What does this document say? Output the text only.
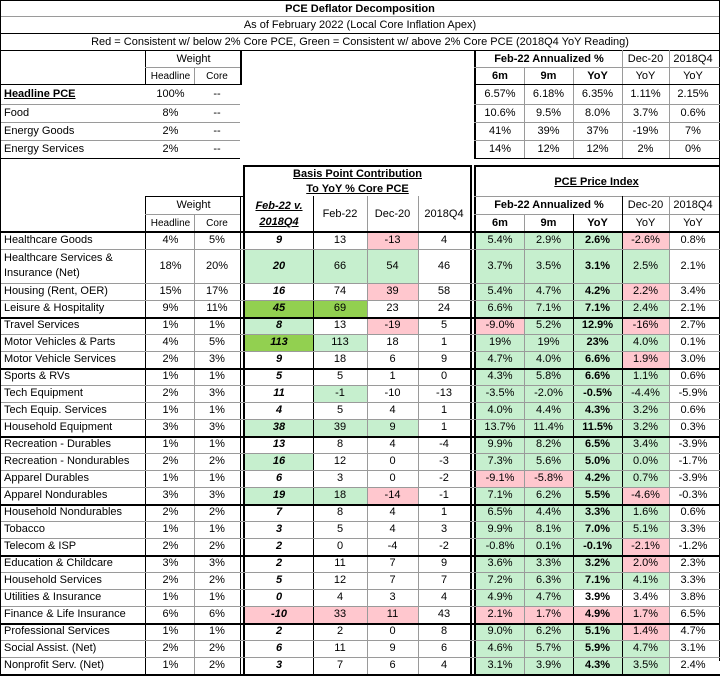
PCE Deflator Decomposition
As of February 2022 (Local Core Inflation Apex)
Red = Consistent w/ below 2% Core PCE, Green = Consistent w/ above 2% Core PCE (2018Q4 YoY Reading)
Weight
Headline	Core
Feb-22 Annualized %	Dec-20 2018Q4
6m	9m	YoY	YoY	YoY
Headline PCE	100%	--	6.57%	6.18%	6.35%	1.11%	2.15%
Food	8%	--	10.6%	9.5%	8.0%	3.7%	0.6%
Energy Goods	2%	--	41%	39%	37%	-19%	7%
Energy Services	2%	--	14%	12%	12%	2%	0%
Basis Point Contribution
To YoY % Core PCE
PCE Price Index
Weight
Headline	Core
Feb-22 v.
2018Q4
Feb-22	Dec-20	2018Q4
Feb-22 Annualized %	Dec-20 2018Q4
6m	9m	YoY	YoY	YoY
Healthcare Goods	4%	5%	9	13	-13	4	5.4%	2.9%	2.6%	-2.6%	0.8%
Healthcare Services & Insurance (Net)
18%	20%	20	66	54	46	3.7%	3.5%	3.1%	2.5%	2.1%
Housing (Rent, OER)	15%	17%	16	74	39	58	5.4%	4.7%	4.2%	2.2%	3.4%
Leisure & Hospitality	9%	11%	45	69	23	24	6.6%	7.1%	7.1%	2.4%	2.1%
Travel Services	1%	1%	8	13	-19	5	-9.0%	5.2%	12.9%	-16%	2.7%
Motor Vehicles & Parts	4%	5%	113	113	18	1	19%	19%	23%	4.0%	0.1%
Motor Vehicle Services	2%	3%	9	18	6	9	4.7%	4.0%	6.6%	1.9%	3.0%
Sports & RVs	1%	1%	5	5	1	0	4.3%	5.8%	6.6%	1.1%	0.6%
Tech Equipment	2%	3%	11	-1	-10	-13	-3.5%	-2.0%	-0.5%	-4.4%	-5.9%
Tech Equip. Services	1%	1%	4	5	4	1	4.0%	4.4%	4.3%	3.2%	0.6%
Household Equipment	3%	3%	38	39	9	1	13.7%	11.4%	11.5%	3.2%	0.3%
Recreation - Durables	1%	1%	13	8	4	-4	9.9%	8.2%	6.5%	3.4%	-3.9%
Recreation - Nondurables	2%	2%	16	12	0	-3	7.3%	5.6%	5.0%	0.0%	-1.7%
Apparel Durables	1%	1%	6	3	0	-2	-9.1%	-5.8%	4.2%	0.7%	-3.9%
Apparel Nondurables	3%	3%	19	18	-14	-1	7.1%	6.2%	5.5%	-4.6%	-0.3%
Household Nondurables	2%	2%	7	8	4	1	6.5%	4.4%	3.3%	1.6%	0.6%
Tobacco	1%	1%	3	5	4	3	9.9%	8.1%	7.0%	5.1%	3.3%
Telecom & ISP	2%	2%	2	0	-4	-2	-0.8%	0.1%	-0.1%	-2.1%	-1.2%
Education & Childcare	3%	3%	2	11	7	9	3.6%	3.3%	3.2%	2.0%	2.3%
Household Services	2%	2%	5	12	7	7	7.2%	6.3%	7.1%	4.1%	3.3%
Utilities & Insurance	1%	1%	0	4	3	4	4.9%	4.7%	3.9%	3.4%	3.8%
Finance & Life Insurance	6%	6%	-10	33	11	43	2.1%	1.7%	4.9%	1.7%	6.5%
Professional Services	1%	1%	2	2	0	8	9.0%	6.2%	5.1%	1.4%	4.7%
Social Assist. (Net)	2%	2%	6	11	9	6	4.6%	5.7%	5.9%	4.7%	3.1%
Nonprofit Serv. (Net)	1%	2%	3	7	6	4	3.1%	3.9%	4.3%	3.5%	2.4%
